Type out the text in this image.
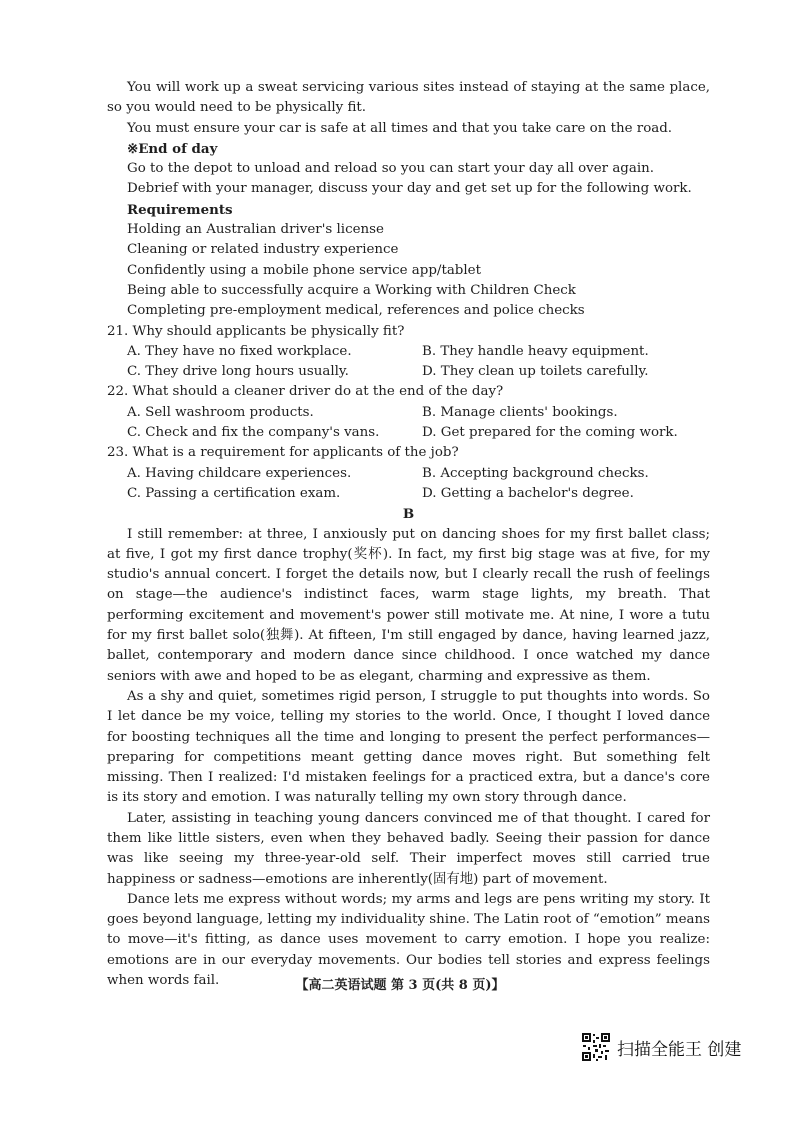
You will work up a sweat servicing various sites instead of staying at the same place, so you would need to be physically fit.

You must ensure your car is safe at all times and that you take care on the road.

※End of day

Go to the depot to unload and reload so you can start your day all over again.

Debrief with your manager, discuss your day and get set up for the following work.

Requirements

Holding an Australian driver's license

Cleaning or related industry experience

Confidently using a mobile phone service app/tablet

Being able to successfully acquire a Working with Children Check

Completing pre-employment medical, references and police checks

21. Why should applicants be physically fit?

A. They have no fixed workplace.	B. They handle heavy equipment.
C. They drive long hours usually.	D. They clean up toilets carefully.

22. What should a cleaner driver do at the end of the day?

A. Sell washroom products.	B. Manage clients' bookings.
C. Check and fix the company's vans.	D. Get prepared for the coming work.

23. What is a requirement for applicants of the job?

A. Having childcare experiences.	B. Accepting background checks.
C. Passing a certification exam.	D. Getting a bachelor's degree.

B

I still remember: at three, I anxiously put on dancing shoes for my first ballet class; at five, I got my first dance trophy(奖杯). In fact, my first big stage was at five, for my studio's annual concert. I forget the details now, but I clearly recall the rush of feelings on stage—the audience's indistinct faces, warm stage lights, my breath. That performing excitement and movement's power still motivate me. At nine, I wore a tutu for my first ballet solo(独舞). At fifteen, I'm still engaged by dance, having learned jazz, ballet, contemporary and modern dance since childhood. I once watched my dance seniors with awe and hoped to be as elegant, charming and expressive as them.

As a shy and quiet, sometimes rigid person, I struggle to put thoughts into words. So I let dance be my voice, telling my stories to the world. Once, I thought I loved dance for boosting techniques all the time and longing to present the perfect performances—preparing for competitions meant getting dance moves right. But something felt missing. Then I realized: I'd mistaken feelings for a practiced extra, but a dance's core is its story and emotion. I was naturally telling my own story through dance.

Later, assisting in teaching young dancers convinced me of that thought. I cared for them like little sisters, even when they behaved badly. Seeing their passion for dance was like seeing my three-year-old self. Their imperfect moves still carried true happiness or sadness—emotions are inherently(固有地) part of movement.

Dance lets me express without words; my arms and legs are pens writing my story. It goes beyond language, letting my individuality shine. The Latin root of “emotion” means to move—it's fitting, as dance uses movement to carry emotion. I hope you realize: emotions are in our everyday movements. Our bodies tell stories and express feelings when words fail.	【高二英语试题 第 3 页(共 8 页)】
扫描全能王 创建
